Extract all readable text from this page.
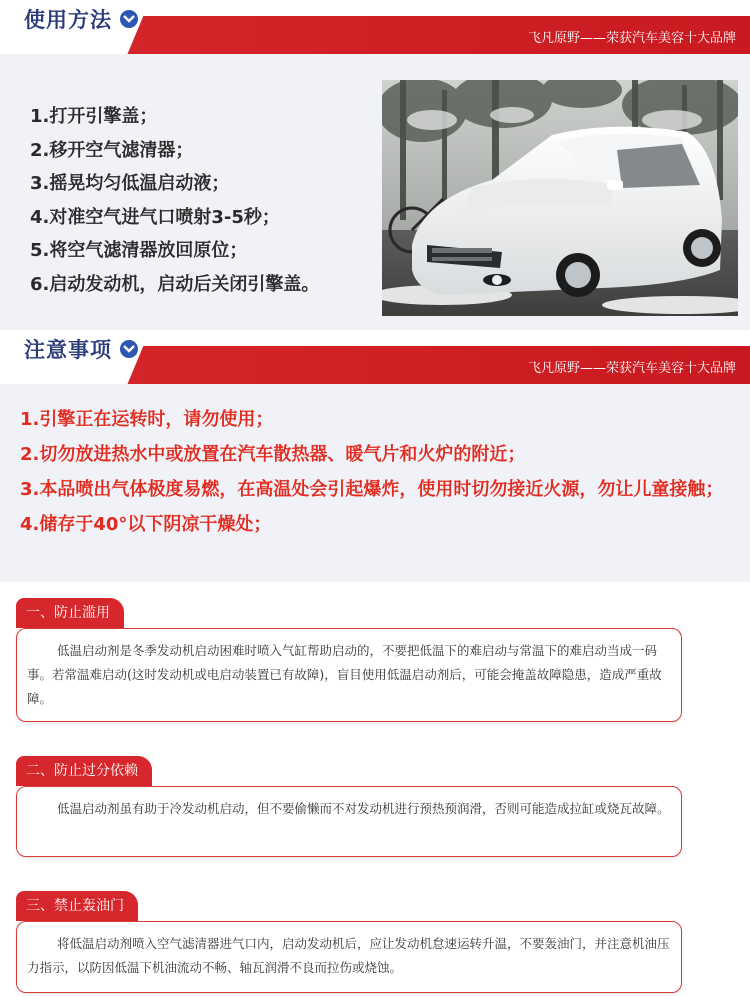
使用方法
飞凡原野——荣获汽车美容十大品牌
1.打开引擎盖；
2.移开空气滤清器；
3.摇晃均匀低温启动液；
4.对准空气进气口喷射3-5秒；
5.将空气滤清器放回原位；
6.启动发动机，启动后关闭引擎盖。
注意事项
飞凡原野——荣获汽车美容十大品牌
1.引擎正在运转时，请勿使用；
2.切勿放进热水中或放置在汽车散热器、暖气片和火炉的附近；
3.本品喷出气体极度易燃，在高温处会引起爆炸，使用时切勿接近火源，勿让儿童接触；
4.储存于40°以下阴凉干燥处；
低温启动剂是冬季发动机启动困难时喷入气缸帮助启动的，不要把低温下的难启动与常温下的难启动当成一码事。若常温难启动(这时发动机或电启动装置已有故障)，盲目使用低温启动剂后，可能会掩盖故障隐患，造成严重故障。
一、防止滥用
低温启动剂虽有助于冷发动机启动，但不要偷懒而不对发动机进行预热预润滑，否则可能造成拉缸或烧瓦故障。
二、防止过分依赖
将低温启动剂喷入空气滤清器进气口内，启动发动机后，应让发动机怠速运转升温，不要轰油门，并注意机油压力指示，以防因低温下机油流动不畅、轴瓦润滑不良而拉伤或烧蚀。
三、禁止轰油门
